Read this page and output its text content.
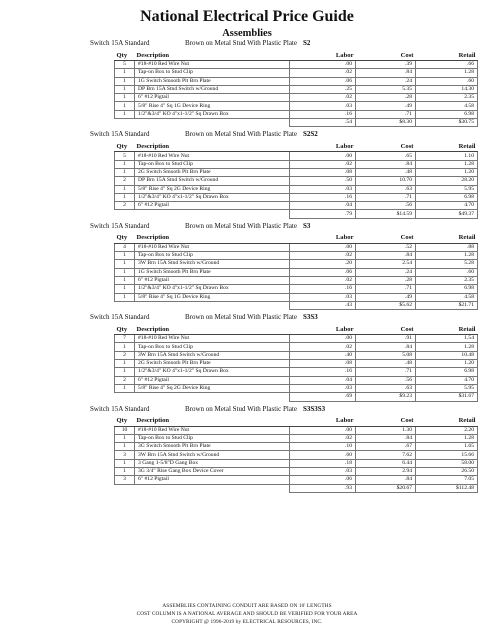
National Electrical Price Guide
Assemblies
Switch 15A Standard	Brown on Metal Stud With Plastic Plate S2
Qty	Description	Labor	Cost	Retail
5	#18-#10 Red Wire Nut	.00	.39	.66
1	Tap-on Box to Stud Clip	.02	.84	1.28
1	1G Switch Smooth Plt Brn Plate	.06	.24	.60
1	DP Brn 15A Stnd Switch w/Ground	.25	5.35	14.30
1	6" #12 Pigtail	.02	.28	2.35
1	5/8" Rise 4" Sq 1G Device Ring	.03	.49	4.58
1	1/2"&3/4" KO 4"x1-1/2" Sq Drawn Box	.16	.71	6.98
		.54	$8.30	$30.75
Switch 15A Standard	Brown on Metal Stud With Plastic Plate S2S2
Qty	Description	Labor	Cost	Retail
5	#18-#10 Red Wire Nut	.00	.65	1.10
1	Tap-on Box to Stud Clip	.02	.84	1.28
1	2G Switch Smooth Plt Brn Plate	.08	.48	1.20
2	DP Brn 15A Stnd Switch w/Ground	.50	10.70	28.20
1	5/8" Rise 4" Sq 2G Device Ring	.03	.63	5.95
1	1/2"&3/4" KO 4"x1-1/2" Sq Drawn Box	.16	.71	6.98
2	6" #12 Pigtail	.04	.56	4.70
		.79	$14.59	$49.37
Switch 15A Standard	Brown on Metal Stud With Plastic Plate S3
Qty	Description	Labor	Cost	Retail
4	#18-#10 Red Wire Nut	.00	.52	.88
1	Tap-on Box to Stud Clip	.02	.84	1.28
1	3W Brn 15A Stnd Switch w/Ground	.20	2.54	5.28
1	1G Switch Smooth Plt Brn Plate	.06	.24	.60
1	6" #12 Pigtail	.02	.28	2.35
1	1/2"&3/4" KO 4"x1-1/2" Sq Drawn Box	.16	.71	6.98
1	5/8" Rise 4" Sq 1G Device Ring	.03	.49	4.58
		.43	$5.62	$21.71
Switch 15A Standard	Brown on Metal Stud With Plastic Plate S3S3
Qty	Description	Labor	Cost	Retail
7	#18-#10 Red Wire Nut	.00	.91	1.54
1	Tap-on Box to Stud Clip	.02	.84	1.28
2	3W Brn 15A Stnd Switch w/Ground	.40	5.08	10.48
1	2G Switch Smooth Plt Brn Plate	.08	.48	1.20
1	1/2"&3/4" KO 4"x1-1/2" Sq Drawn Box	.16	.71	6.98
2	6" #12 Pigtail	.04	.56	4.70
1	5/8" Rise 4" Sq 2G Device Ring	.03	.63	5.95
		.69	$9.23	$31.67
Switch 15A Standard	Brown on Metal Stud With Plastic Plate S3S3S3
Qty	Description	Labor	Cost	Retail
10	#18-#10 Red Wire Nut	.00	1.30	2.20
1	Tap-on Box to Stud Clip	.02	.84	1.28
1	3G Switch Smooth Plt Brn Plate	.10	.67	1.65
3	3W Brn 15A Stnd Switch w/Ground	.60	7.62	15.66
1	3 Gang 1-5/8"D Gang Box	.18	6.44	58.00
1	3G 3/4" Rise Gang Box Device Cover	.03	2.94	26.50
3	6" #12 Pigtail	.06	.84	7.05
		.93	$20.67	$112.48
ASSEMBLIES CONTAINING CONDUIT ARE BASED ON 10' LENGTHS
COST COLUMN IS A NATIONAL AVERAGE AND SHOULD BE VERIFIED FOR YOUR AREA
COPYRIGHT @ 1996-2019 by ELECTRICAL RESOURCES, INC.
